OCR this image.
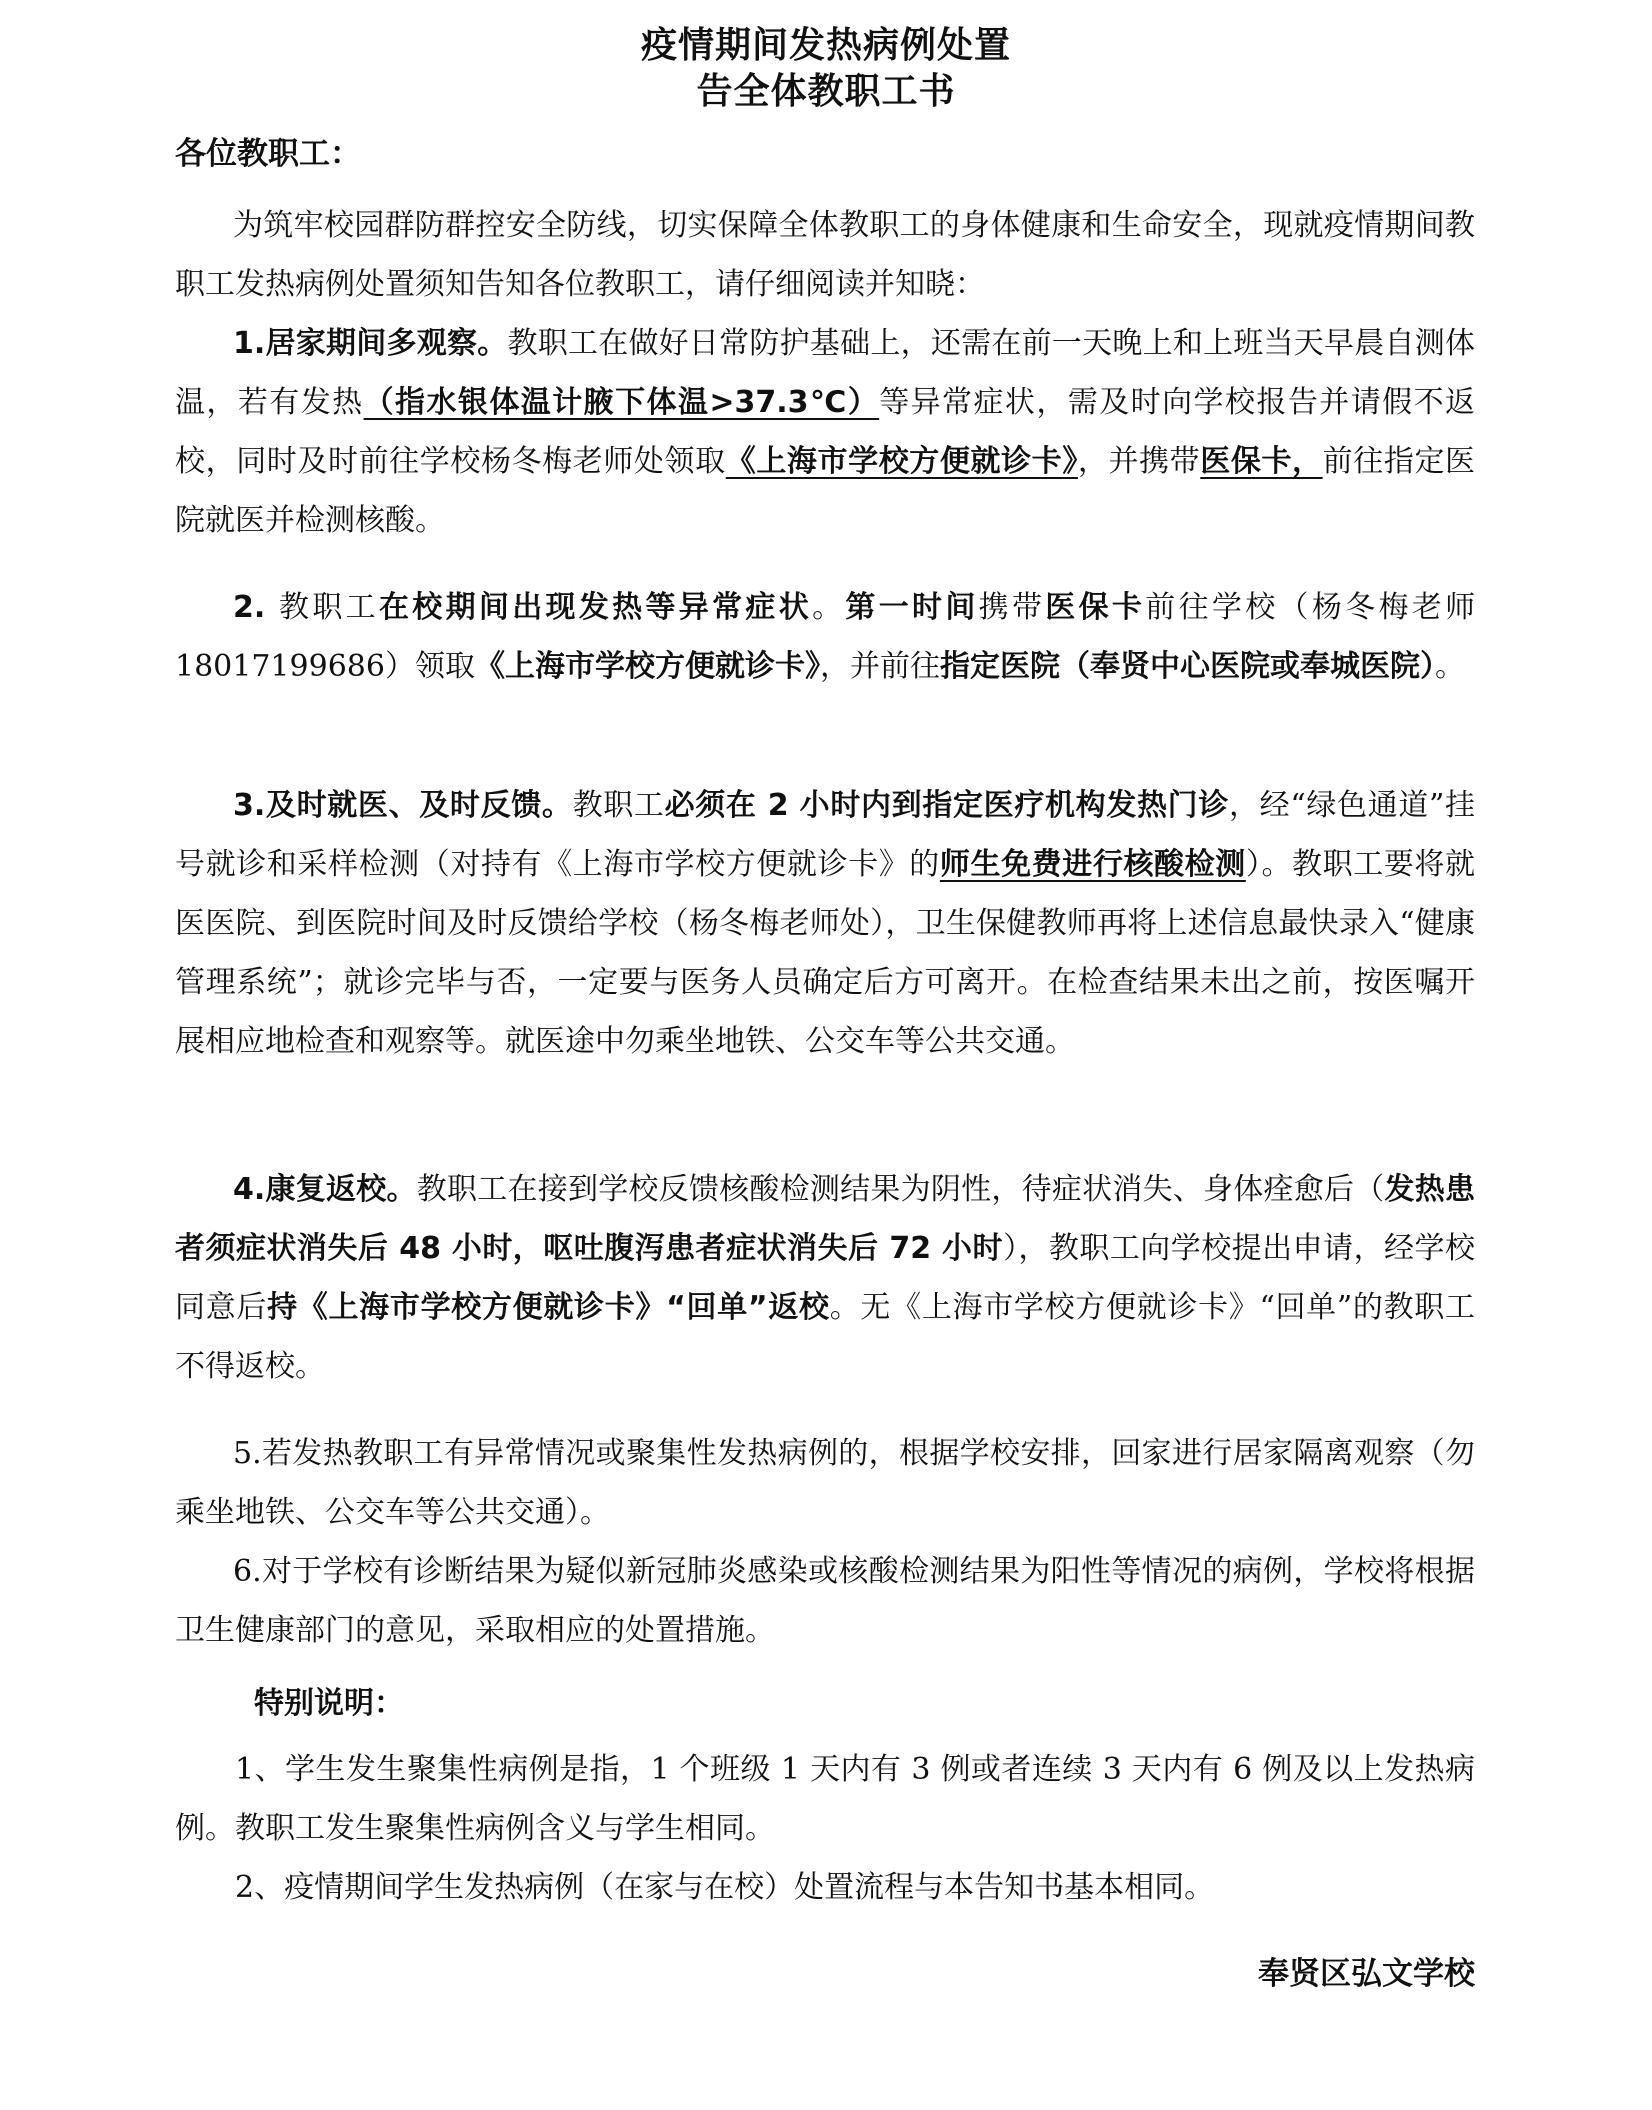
疫情期间发热病例处置
告全体教职工书
各位教职工：

为筑牢校园群防群控安全防线，切实保障全体教职工的身体健康和生命安全，现就疫情期间教职工发热病例处置须知告知各位教职工，请仔细阅读并知晓：

1.居家期间多观察。教职工在做好日常防护基础上，还需在前一天晚上和上班当天早晨自测体温，若有发热（指水银体温计腋下体温>37.3℃）等异常症状，需及时向学校报告并请假不返校，同时及时前往学校杨冬梅老师处领取《上海市学校方便就诊卡》，并携带医保卡，前往指定医院就医并检测核酸。

2. 教职工在校期间出现发热等异常症状。第一时间携带医保卡前往学校（杨冬梅老师18017199686）领取《上海市学校方便就诊卡》，并前往指定医院（奉贤中心医院或奉城医院）。

3.及时就医、及时反馈。教职工必须在 2 小时内到指定医疗机构发热门诊，经“绿色通道”挂号就诊和采样检测（对持有《上海市学校方便就诊卡》的师生免费进行核酸检测）。教职工要将就医医院、到医院时间及时反馈给学校（杨冬梅老师处），卫生保健教师再将上述信息最快录入“健康管理系统”；就诊完毕与否，一定要与医务人员确定后方可离开。在检查结果未出之前，按医嘱开展相应地检查和观察等。就医途中勿乘坐地铁、公交车等公共交通。

4.康复返校。教职工在接到学校反馈核酸检测结果为阴性，待症状消失、身体痊愈后（发热患者须症状消失后 48 小时，呕吐腹泻患者症状消失后 72 小时），教职工向学校提出申请，经学校同意后持《上海市学校方便就诊卡》“回单”返校。无《上海市学校方便就诊卡》“回单”的教职工不得返校。

5.若发热教职工有异常情况或聚集性发热病例的，根据学校安排，回家进行居家隔离观察（勿乘坐地铁、公交车等公共交通）。

6.对于学校有诊断结果为疑似新冠肺炎感染或核酸检测结果为阳性等情况的病例，学校将根据卫生健康部门的意见，采取相应的处置措施。

特别说明：

1、学生发生聚集性病例是指，1 个班级 1 天内有 3 例或者连续 3 天内有 6 例及以上发热病例。教职工发生聚集性病例含义与学生相同。

2、疫情期间学生发热病例（在家与在校）处置流程与本告知书基本相同。

奉贤区弘文学校
